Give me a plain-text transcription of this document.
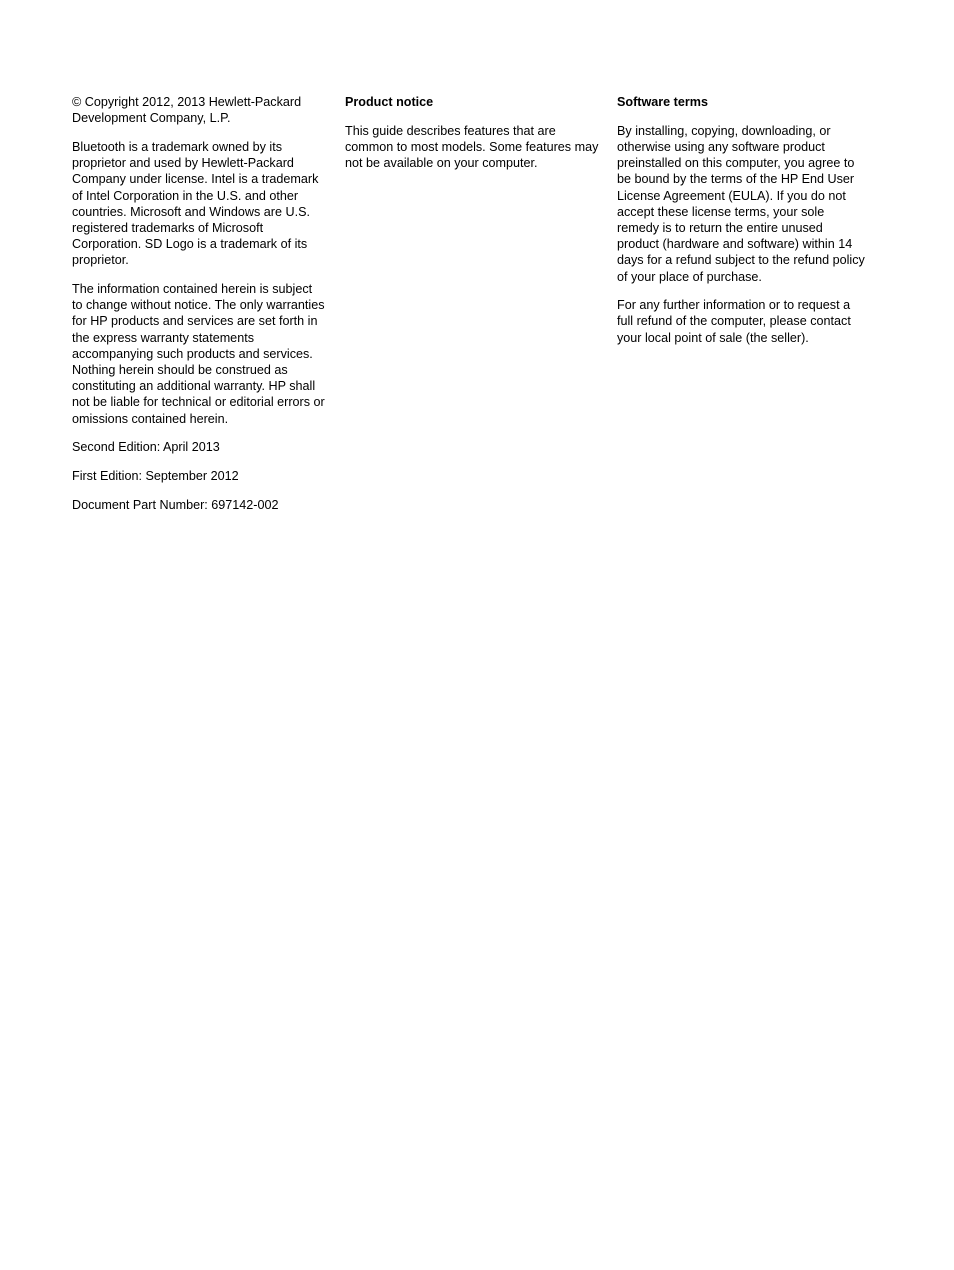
© Copyright 2012, 2013 Hewlett-Packard Development Company, L.P.

Bluetooth is a trademark owned by its proprietor and used by Hewlett-Packard Company under license. Intel is a trademark of Intel Corporation in the U.S. and other countries. Microsoft and Windows are U.S. registered trademarks of Microsoft Corporation. SD Logo is a trademark of its proprietor.

The information contained herein is subject to change without notice. The only warranties for HP products and services are set forth in the express warranty statements accompanying such products and services. Nothing herein should be construed as constituting an additional warranty. HP shall not be liable for technical or editorial errors or omissions contained herein.

Second Edition: April 2013

First Edition: September 2012

Document Part Number: 697142-002

Product notice

This guide describes features that are common to most models. Some features may not be available on your computer.

Software terms

By installing, copying, downloading, or otherwise using any software product preinstalled on this computer, you agree to be bound by the terms of the HP End User License Agreement (EULA). If you do not accept these license terms, your sole remedy is to return the entire unused product (hardware and software) within 14 days for a refund subject to the refund policy of your place of purchase.

For any further information or to request a full refund of the computer, please contact your local point of sale (the seller).
